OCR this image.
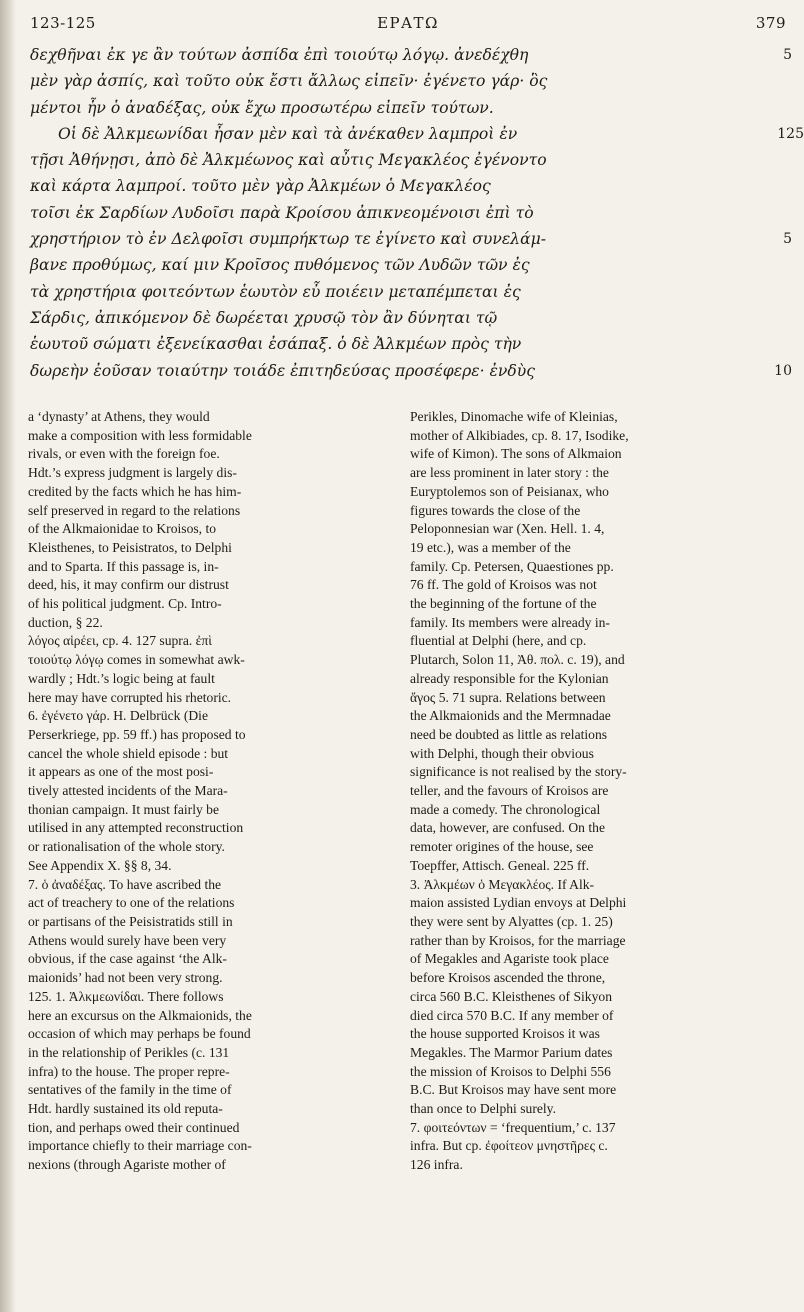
123-125	ΕΡΑΤΩ	379
δεχθῆναι ἐκ γε ἂν τούτων ἀσπίδα ἐπὶ τοιούτῳ λόγῳ. ἀνεδέχθη	5
μὲν γὰρ ἀσπίς, καὶ τοῦτο οὐκ ἔστι ἄλλως εἰπεῖν· ἐγένετο γάρ· ὃς
μέντοι ἦν ὁ ἀναδέξας, οὐκ ἔχω προσωτέρω εἰπεῖν τούτων.
Οἱ δὲ Ἀλκμεωνίδαι ἦσαν μὲν καὶ τὰ ἀνέκαθεν λαμπροὶ ἐν	125
τῇσι Ἀθήνῃσι, ἀπὸ δὲ Ἀλκμέωνος καὶ αὖτις Μεγακλέος ἐγένοντο
καὶ κάρτα λαμπροί. τοῦτο μὲν γὰρ Ἀλκμέων ὁ Μεγακλέος
τοῖσι ἐκ Σαρδίων Λυδοῖσι παρὰ Κροίσου ἀπικνεομένοισι ἐπὶ τὸ
χρηστήριον τὸ ἐν Δελφοῖσι συμπρήκτωρ τε ἐγίνετο καὶ συνελάμ-	5
βανε προθύμως, καί μιν Κροῖσος πυθόμενος τῶν Λυδῶν τῶν ἐς
τὰ χρηστήρια φοιτεόντων ἑωυτὸν εὖ ποιέειν μεταπέμπεται ἐς
Σάρδις, ἀπικόμενον δὲ δωρέεται χρυσῷ τὸν ἂν δύνηται τῷ
ἑωυτοῦ σώματι ἐξενείκασθαι ἐσάπαξ. ὁ δὲ Ἀλκμέων πρὸς τὴν
δωρεὴν ἐοῦσαν τοιαύτην τοιάδε ἐπιτηδεύσας προσέφερε· ἐνδὺς	10
a ‘dynasty’ at Athens, they would
make a composition with less formidable
rivals, or even with the foreign foe.
Hdt.’s express judgment is largely dis-
credited by the facts which he has him-
self preserved in regard to the relations
of the Alkmaionidae to Kroisos, to
Kleisthenes, to Peisistratos, to Delphi
and to Sparta. If this passage is, in-
deed, his, it may confirm our distrust
of his political judgment. Cp. Intro-
duction, § 22.
λόγος αἱρέει, cp. 4. 127 supra. ἐπὶ
τοιούτῳ λόγῳ comes in somewhat awk-
wardly ; Hdt.’s logic being at fault
here may have corrupted his rhetoric.
6. ἐγένετο γάρ. H. Delbrück (Die
Perserkriege, pp. 59 ff.) has proposed to
cancel the whole shield episode : but
it appears as one of the most posi-
tively attested incidents of the Mara-
thonian campaign. It must fairly be
utilised in any attempted reconstruction
or rationalisation of the whole story.
See Appendix X. §§ 8, 34.
7. ὁ ἀναδέξας. To have ascribed the
act of treachery to one of the relations
or partisans of the Peisistratids still in
Athens would surely have been very
obvious, if the case against ‘the Alk-
maionids’ had not been very strong.
125. 1. Ἀλκμεωνίδαι. There follows
here an excursus on the Alkmaionids, the
occasion of which may perhaps be found
in the relationship of Perikles (c. 131
infra) to the house. The proper repre-
sentatives of the family in the time of
Hdt. hardly sustained its old reputa-
tion, and perhaps owed their continued
importance chiefly to their marriage con-
nexions (through Agariste mother of
Perikles, Dinomache wife of Kleinias,
mother of Alkibiades, cp. 8. 17, Isodike,
wife of Kimon). The sons of Alkmaion
are less prominent in later story : the
Euryptolemos son of Peisianax, who
figures towards the close of the
Peloponnesian war (Xen. Hell. 1. 4,
19 etc.), was a member of the
family. Cp. Petersen, Quaestiones pp.
76 ff. The gold of Kroisos was not
the beginning of the fortune of the
family. Its members were already in-
fluential at Delphi (here, and cp.
Plutarch, Solon 11, Ἀθ. πολ. c. 19), and
already responsible for the Kylonian
ἄγος 5. 71 supra. Relations between
the Alkmaionids and the Mermnadae
need be doubted as little as relations
with Delphi, though their obvious
significance is not realised by the story-
teller, and the favours of Kroisos are
made a comedy. The chronological
data, however, are confused. On the
remoter origines of the house, see
Toepffer, Attisch. Geneal. 225 ff.
3. Ἀλκμέων ὁ Μεγακλέος. If Alk-
maion assisted Lydian envoys at Delphi
they were sent by Alyattes (cp. 1. 25)
rather than by Kroisos, for the marriage
of Megakles and Agariste took place
before Kroisos ascended the throne,
circa 560 B.C. Kleisthenes of Sikyon
died circa 570 B.C. If any member of
the house supported Kroisos it was
Megakles. The Marmor Parium dates
the mission of Kroisos to Delphi 556
B.C. But Kroisos may have sent more
than once to Delphi surely.
7. φοιτεόντων = ‘frequentium,’ c. 137
infra. But cp. ἐφοίτεον μνηστῆρες c.
126 infra.
